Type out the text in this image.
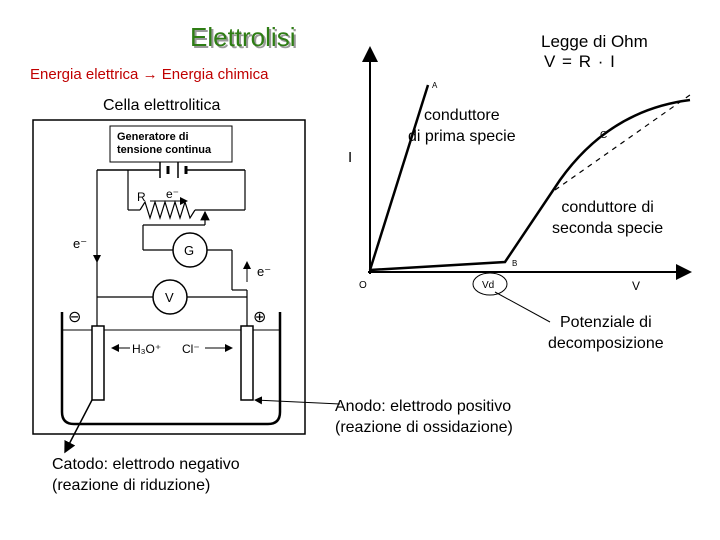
Generatore di
tensione continua
R e⁻
G
e⁻
e⁻
V
⊖	⊕
H₃O⁺ Cl⁻
I
V
O
A
B
C
Vd
Elettrolisi
Energia elettrica → Energia chimica
Cella elettrolitica
Legge di Ohm
V = R · I
conduttore
di prima specie
conduttore di
seconda specie
Potenziale di
decomposizione
Anodo: elettrodo positivo
(reazione di ossidazione)
Catodo: elettrodo negativo
(reazione di riduzione)
